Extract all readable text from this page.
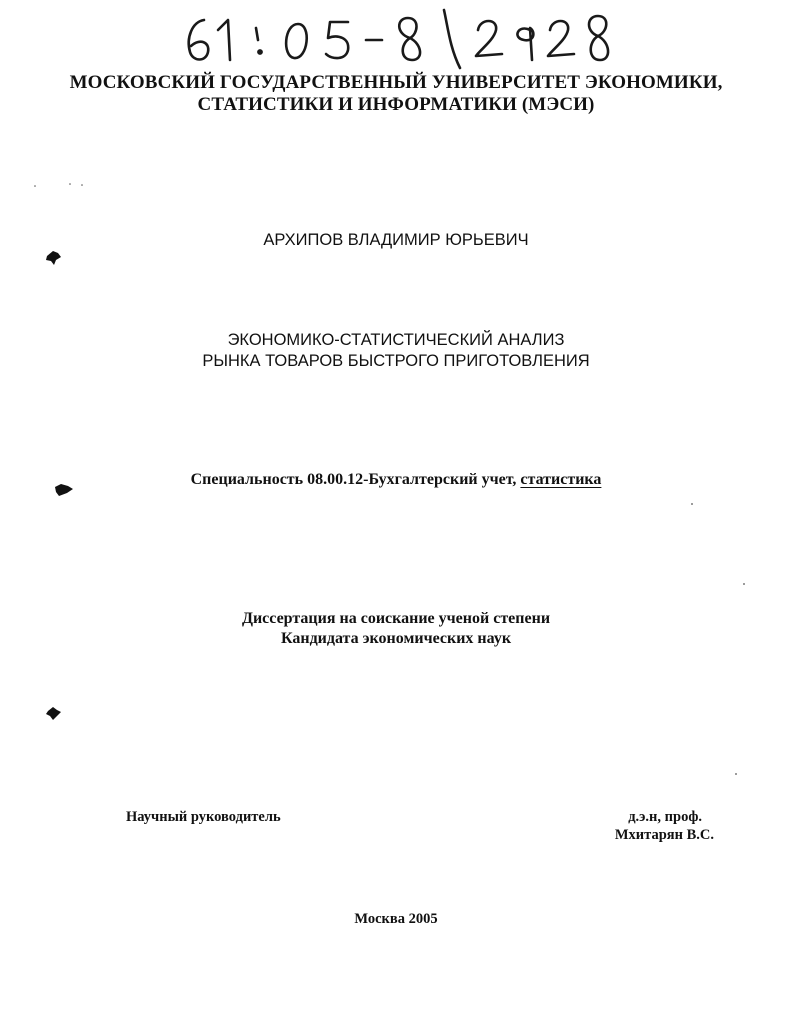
МОСКОВСКИЙ ГОСУДАРСТВЕННЫЙ УНИВЕРСИТЕТ ЭКОНОМИКИ,
СТАТИСТИКИ И ИНФОРМАТИКИ (МЭСИ)
АРХИПОВ ВЛАДИМИР ЮРЬЕВИЧ
ЭКОНОМИКО-СТАТИСТИЧЕСКИЙ АНАЛИЗ
РЫНКА ТОВАРОВ БЫСТРОГО ПРИГОТОВЛЕНИЯ
Специальность 08.00.12-Бухгалтерский учет, статистика
Диссертация на соискание ученой степени
Кандидата экономических наук
Научный руководитель	д.э.н, проф.
Мхитарян В.С.
Москва 2005
